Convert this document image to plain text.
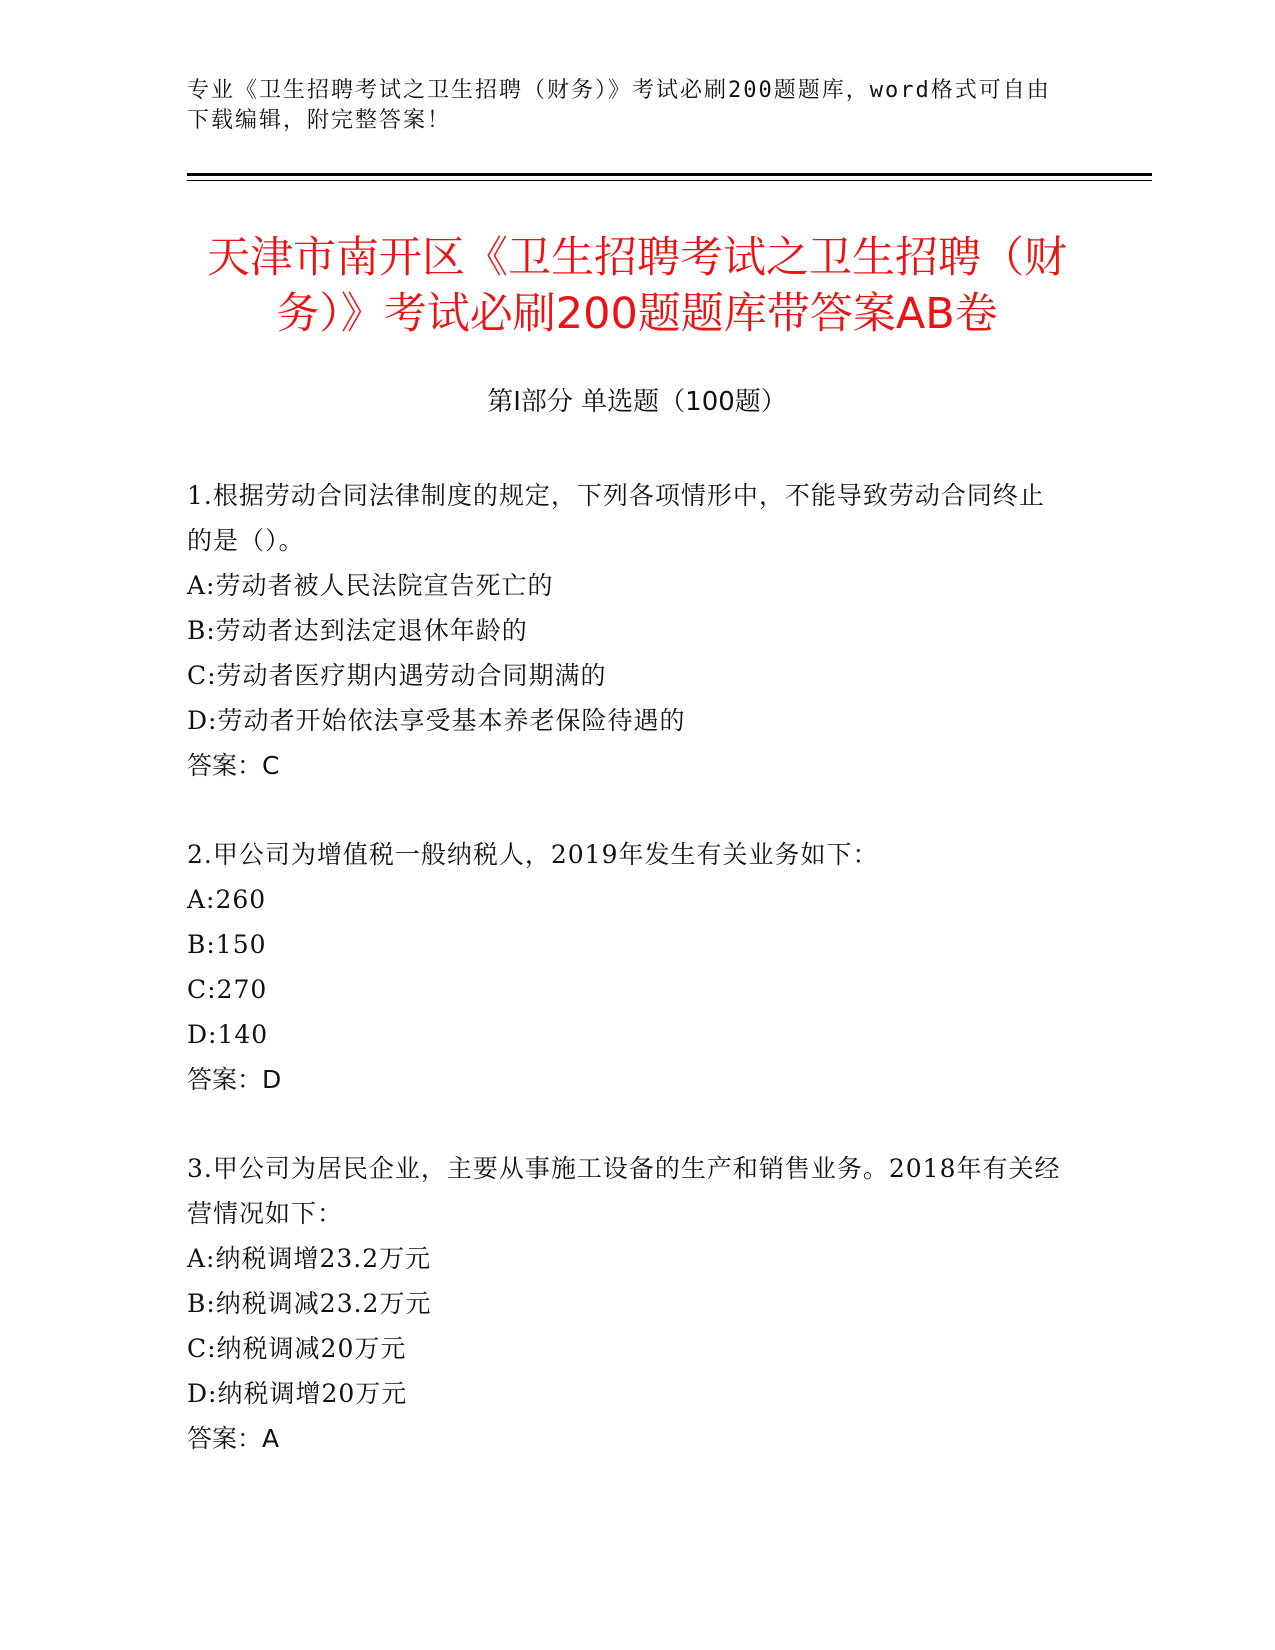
专业《卫生招聘考试之卫生招聘（财务）》考试必刷200题题库，word格式可自由下载编辑，附完整答案！
天津市南开区《卫生招聘考试之卫生招聘（财务）》考试必刷200题题库带答案AB卷
第I部分 单选题（100题）
1.根据劳动合同法律制度的规定，下列各项情形中，不能导致劳动合同终止的是（）。
A:劳动者被人民法院宣告死亡的
B:劳动者达到法定退休年龄的
C:劳动者医疗期内遇劳动合同期满的
D:劳动者开始依法享受基本养老保险待遇的
答案：C
2.甲公司为增值税一般纳税人，2019年发生有关业务如下：
A:260
B:150
C:270
D:140
答案：D
3.甲公司为居民企业，主要从事施工设备的生产和销售业务。2018年有关经营情况如下：
A:纳税调增23.2万元
B:纳税调减23.2万元
C:纳税调减20万元
D:纳税调增20万元
答案：A
